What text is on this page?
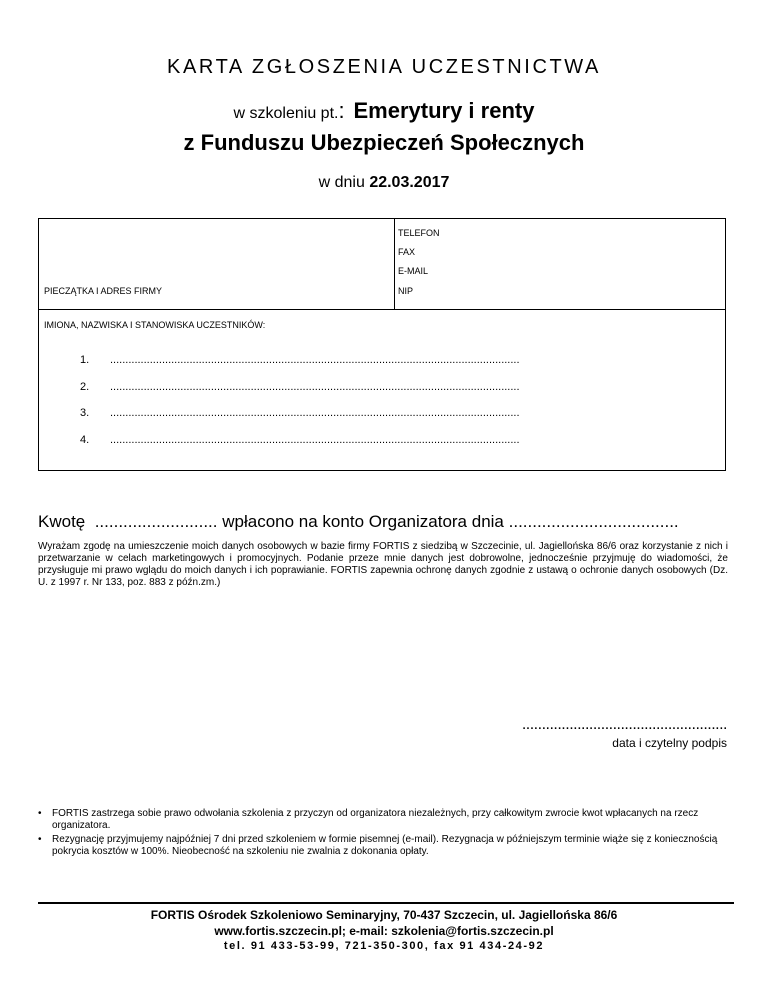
KARTA ZGŁOSZENIA UCZESTNICTWA
w szkoleniu pt.: Emerytury i renty
z Funduszu Ubezpieczeń Społecznych
w dniu 22.03.2017
PIECZĄTKA I ADRES FIRMY
TELEFON
FAX
E-MAIL
NIP
IMIONA, NAZWISKA I STANOWISKA UCZESTNIKÓW:
1. ......................................................................................................................................
2. ......................................................................................................................................
3. ......................................................................................................................................
4. ......................................................................................................................................
Kwotę .......................... wpłacono na konto Organizatora dnia ....................................
Wyrażam zgodę na umieszczenie moich danych osobowych w bazie firmy FORTIS z siedzibą w Szczecinie, ul. Jagiellońska 86/6 oraz korzystanie z nich i przetwarzanie w celach marketingowych i promocyjnych. Podanie przeze mnie danych jest dobrowolne, jednocześnie przyjmuję do wiadomości, że przysługuje mi prawo wglądu do moich danych i ich poprawianie. FORTIS zapewnia ochronę danych zgodnie z ustawą o ochronie danych osobowych (Dz. U. z 1997 r. Nr 133, poz. 883 z późn.zm.)
....................................................
data i czytelny podpis
• FORTIS zastrzega sobie prawo odwołania szkolenia z przyczyn od organizatora niezależnych, przy całkowitym zwrocie kwot wpłacanych na rzecz organizatora.
• Rezygnację przyjmujemy najpóźniej 7 dni przed szkoleniem w formie pisemnej (e-mail). Rezygnacja w późniejszym terminie wiąże się z koniecznością pokrycia kosztów w 100%. Nieobecność na szkoleniu nie zwalnia z dokonania opłaty.
FORTIS Ośrodek Szkoleniowo Seminaryjny, 70-437 Szczecin, ul. Jagiellońska 86/6
www.fortis.szczecin.pl; e-mail: szkolenia@fortis.szczecin.pl
tel. 91 433-53-99, 721-350-300, fax 91 434-24-92
